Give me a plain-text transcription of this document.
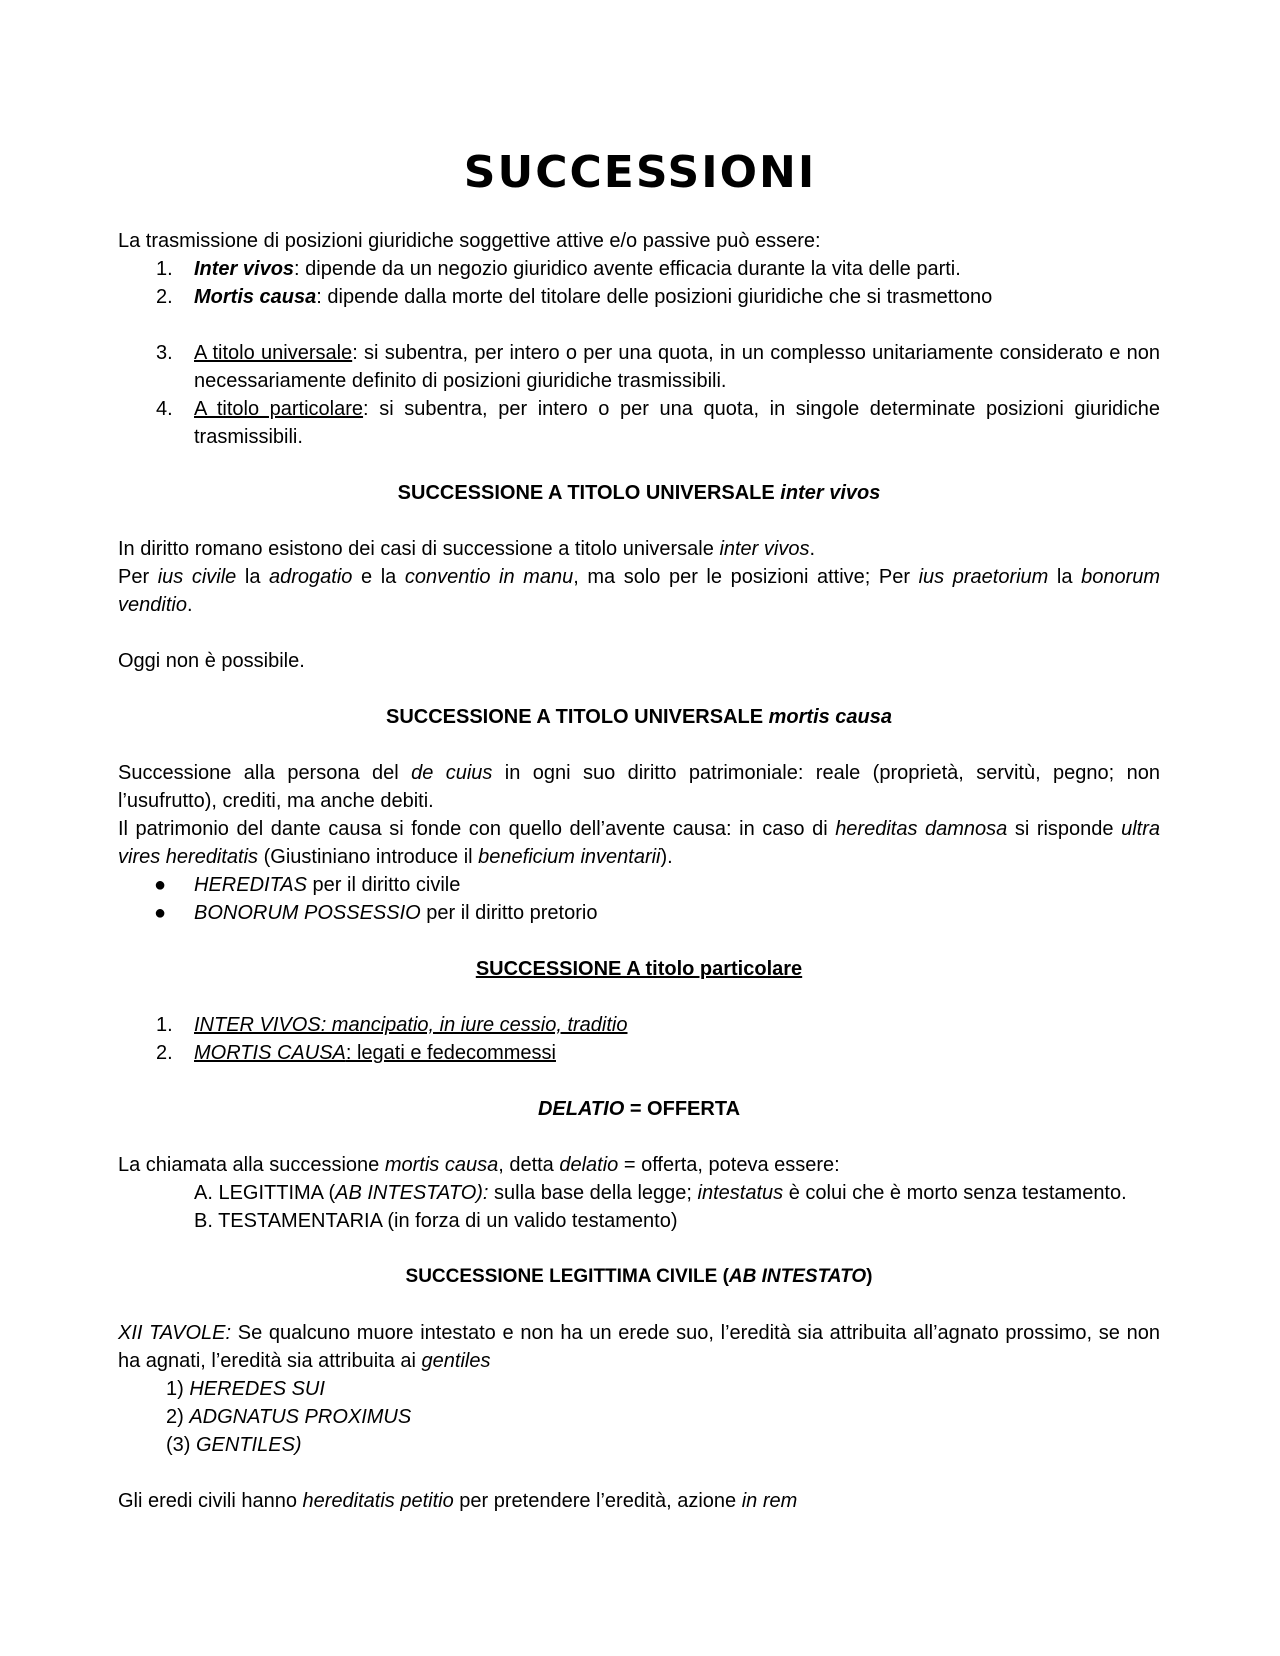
SUCCESSIONI

La trasmissione di posizioni giuridiche soggettive attive e/o passive può essere:

1.	Inter vivos: dipende da un negozio giuridico avente efficacia durante la vita delle parti.
2.	Mortis causa: dipende dalla morte del titolare delle posizioni giuridiche che si trasmettono
3.	A titolo universale: si subentra, per intero o per una quota, in un complesso unitariamente considerato e non necessariamente definito di posizioni giuridiche trasmissibili.
4.	A titolo particolare: si subentra, per intero o per una quota, in singole determinate posizioni giuridiche trasmissibili.

SUCCESSIONE A TITOLO UNIVERSALE inter vivos

In diritto romano esistono dei casi di successione a titolo universale inter vivos.

Per ius civile la adrogatio e la conventio in manu, ma solo per le posizioni attive; Per ius praetorium la bonorum venditio.

Oggi non è possibile.

SUCCESSIONE A TITOLO UNIVERSALE mortis causa

Successione alla persona del de cuius in ogni suo diritto patrimoniale: reale (proprietà, servitù, pegno; non l’usufrutto), crediti, ma anche debiti.

Il patrimonio del dante causa si fonde con quello dell’avente causa: in caso di hereditas damnosa si risponde ultra vires hereditatis (Giustiniano introduce il beneficium inventarii).

● HEREDITAS per il diritto civile
● BONORUM POSSESSIO per il diritto pretorio

SUCCESSIONE A titolo particolare

1.	INTER VIVOS: mancipatio, in iure cessio, traditio
2.	MORTIS CAUSA: legati e fedecommessi

DELATIO = OFFERTA

La chiamata alla successione mortis causa, detta delatio = offerta, poteva essere:

A. LEGITTIMA (AB INTESTATO): sulla base della legge; intestatus è colui che è morto senza testamento.

B. TESTAMENTARIA (in forza di un valido testamento)

SUCCESSIONE LEGITTIMA CIVILE (AB INTESTATO)

XII TAVOLE: Se qualcuno muore intestato e non ha un erede suo, l’eredità sia attribuita all’agnato prossimo, se non ha agnati, l’eredità sia attribuita ai gentiles

1) HEREDES SUI

2) ADGNATUS PROXIMUS

(3) GENTILES)

Gli eredi civili hanno hereditatis petitio per pretendere l’eredità, azione in rem
